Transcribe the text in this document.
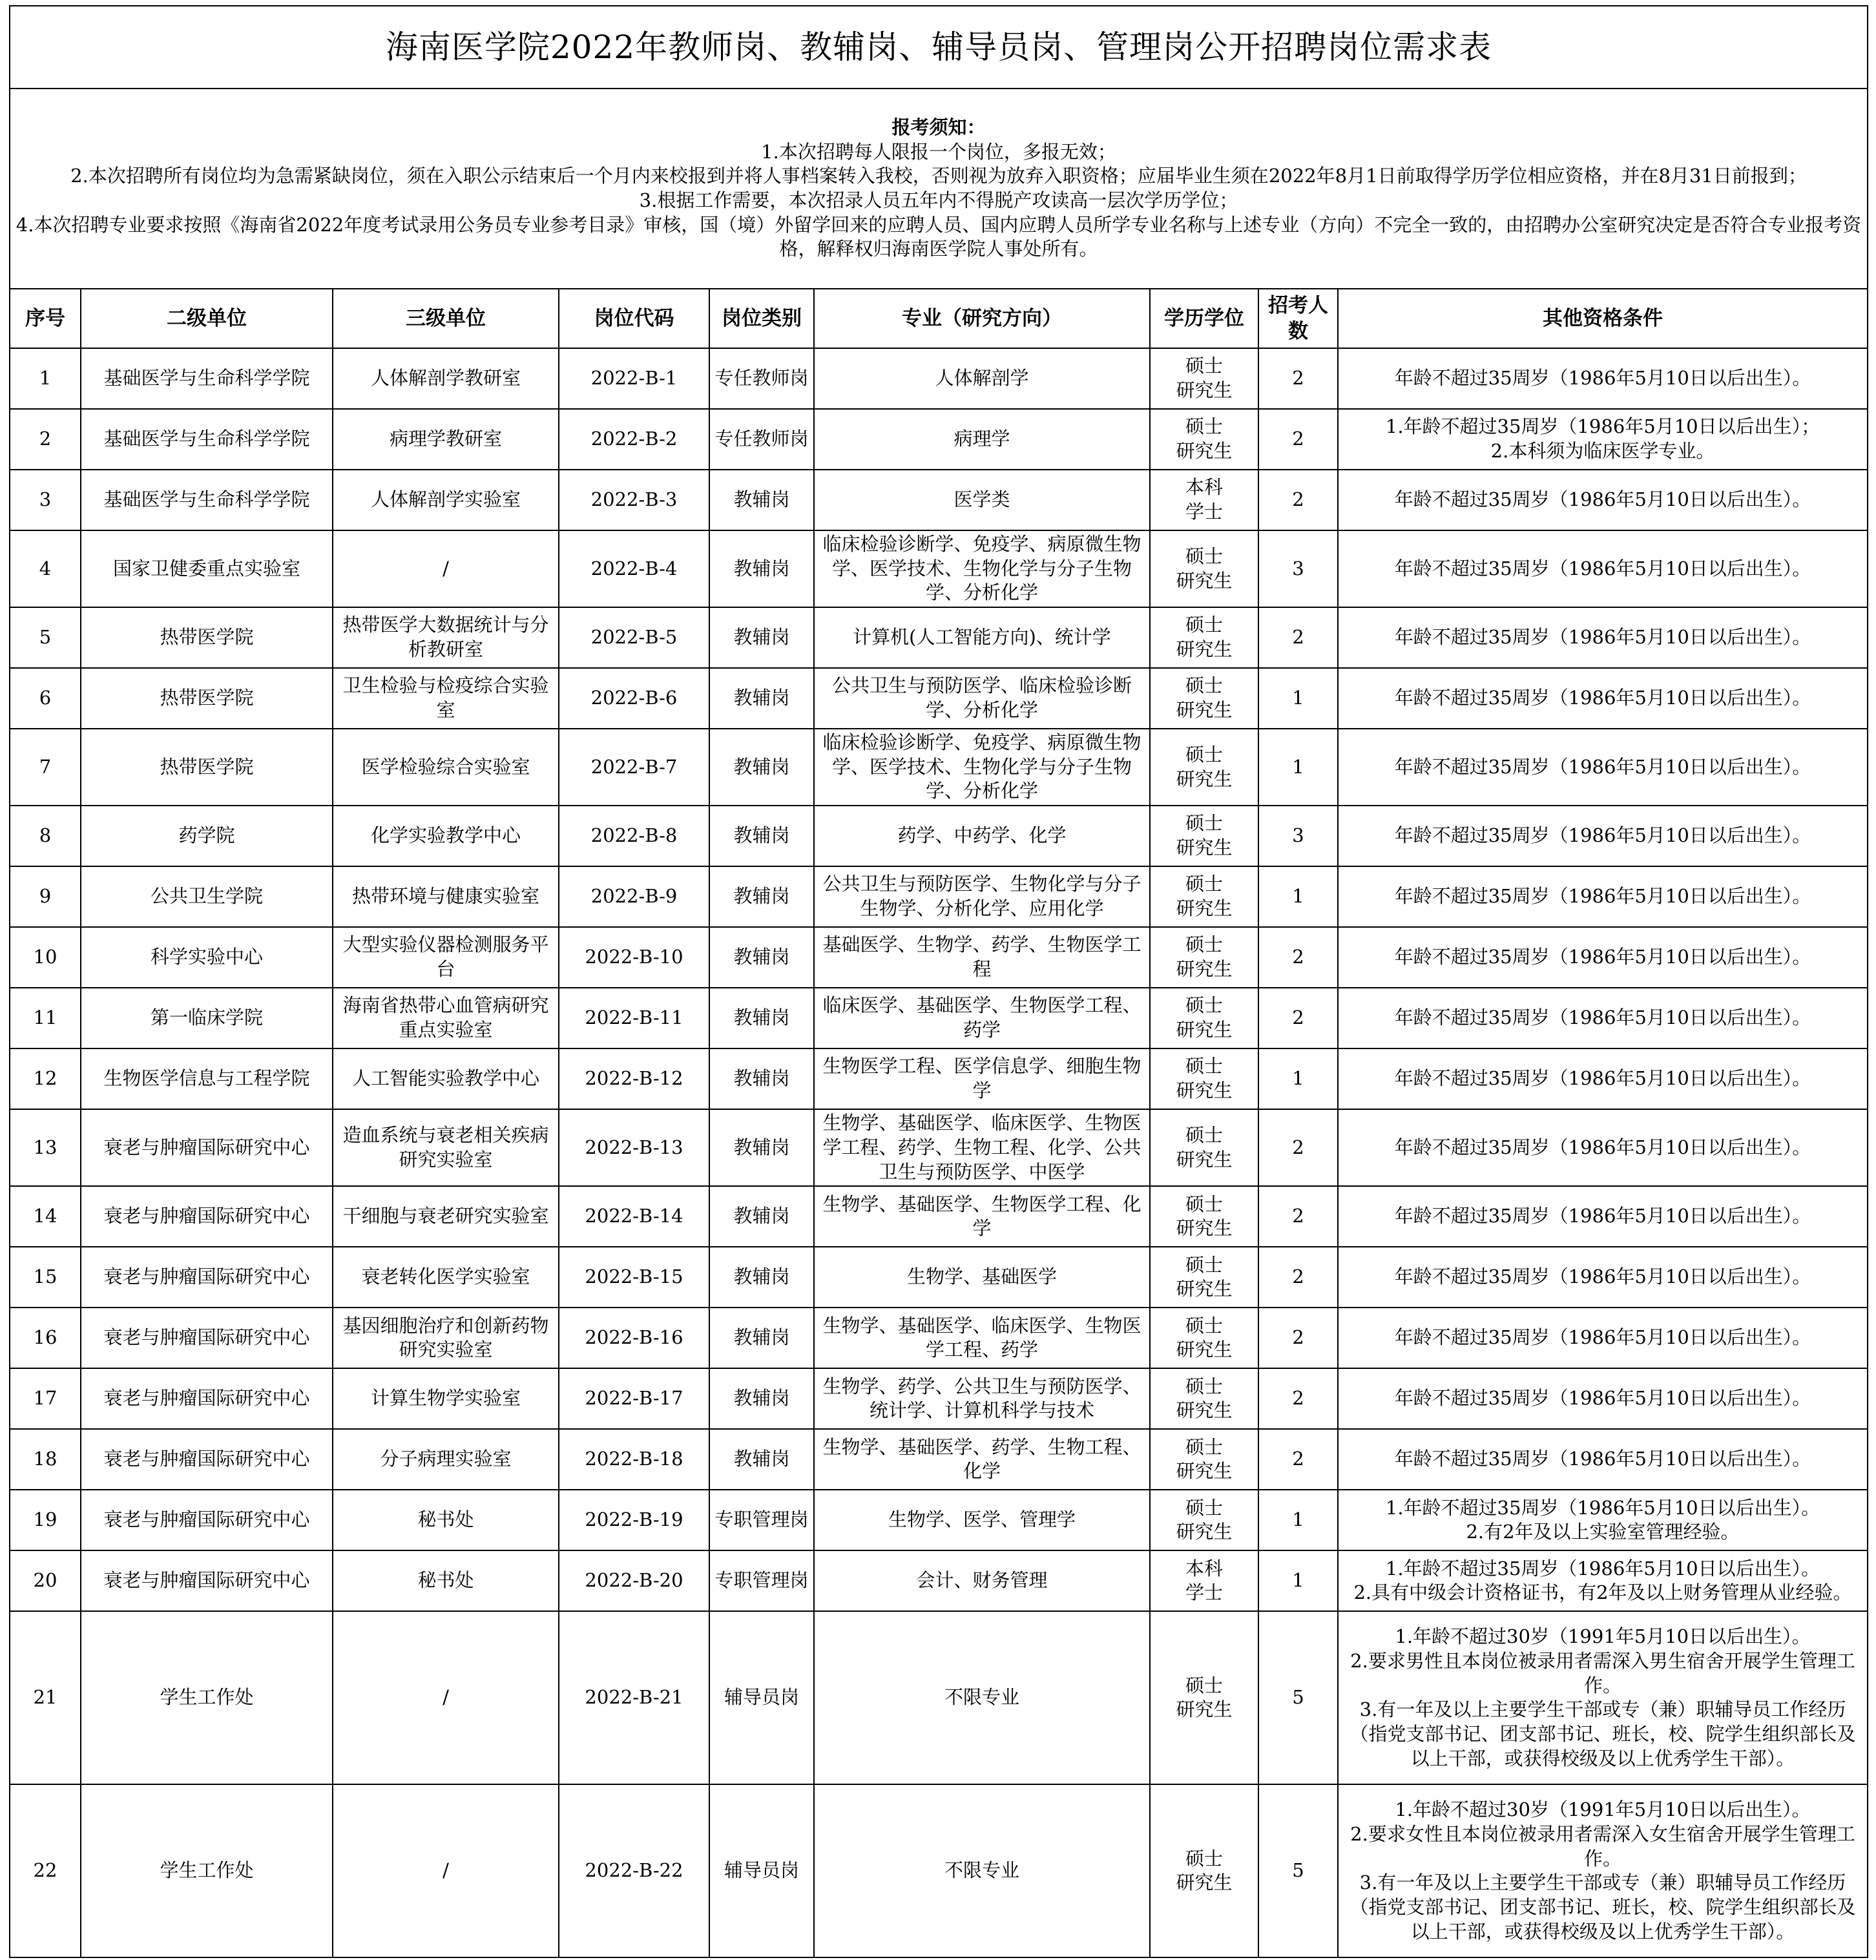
海南医学院2022年教师岗、教辅岗、辅导员岗、管理岗公开招聘岗位需求表								

报考须知：
1.本次招聘每人限报一个岗位，多报无效；
2.本次招聘所有岗位均为急需紧缺岗位，须在入职公示结束后一个月内来校报到并将人事档案转入我校，否则视为放弃入职资格；应届毕业生须在2022年8月1日前取得学历学位相应资格，并在8月31日前报到；
3.根据工作需要，本次招录人员五年内不得脱产攻读高一层次学历学位；
4.本次招聘专业要求按照《海南省2022年度考试录用公务员专业参考目录》审核，国（境）外留学回来的应聘人员、国内应聘人员所学专业名称与上述专业（方向）不完全一致的，由招聘办公室研究决定是否符合专业报考资格，解释权归海南医学院人事处所有。								

序号	二级单位	三级单位	岗位代码	岗位类别	专业（研究方向）	学历学位	招考人数	其他资格条件
1	基础医学与生命科学学院	人体解剖学教研室	2022-B-1	专任教师岗	人体解剖学	硕士
研究生	2	年龄不超过35周岁（1986年5月10日以后出生）。

2	基础医学与生命科学学院	病理学教研室	2022-B-2	专任教师岗	病理学	硕士
研究生	2	1.年龄不超过35周岁（1986年5月10日以后出生）；
2.本科须为临床医学专业。

3	基础医学与生命科学学院	人体解剖学实验室	2022-B-3	教辅岗	医学类	本科
学士	2	年龄不超过35周岁（1986年5月10日以后出生）。

4	国家卫健委重点实验室	/	2022-B-4	教辅岗	临床检验诊断学、免疫学、病原微生物学、医学技术、生物化学与分子生物学、分析化学	硕士
研究生	3	年龄不超过35周岁（1986年5月10日以后出生）。

5	热带医学院	热带医学大数据统计与分析教研室	2022-B-5	教辅岗	计算机(人工智能方向)、统计学	硕士
研究生	2	年龄不超过35周岁（1986年5月10日以后出生）。

6	热带医学院	卫生检验与检疫综合实验室	2022-B-6	教辅岗	公共卫生与预防医学、临床检验诊断学、分析化学	硕士
研究生	1	年龄不超过35周岁（1986年5月10日以后出生）。

7	热带医学院	医学检验综合实验室	2022-B-7	教辅岗	临床检验诊断学、免疫学、病原微生物学、医学技术、生物化学与分子生物学、分析化学	硕士
研究生	1	年龄不超过35周岁（1986年5月10日以后出生）。

8	药学院	化学实验教学中心	2022-B-8	教辅岗	药学、中药学、化学	硕士
研究生	3	年龄不超过35周岁（1986年5月10日以后出生）。

9	公共卫生学院	热带环境与健康实验室	2022-B-9	教辅岗	公共卫生与预防医学、生物化学与分子生物学、分析化学、应用化学	硕士
研究生	1	年龄不超过35周岁（1986年5月10日以后出生）。

10	科学实验中心	大型实验仪器检测服务平台	2022-B-10	教辅岗	基础医学、生物学、药学、生物医学工程	硕士
研究生	2	年龄不超过35周岁（1986年5月10日以后出生）。

11	第一临床学院	海南省热带心血管病研究重点实验室	2022-B-11	教辅岗	临床医学、基础医学、生物医学工程、药学	硕士
研究生	2	年龄不超过35周岁（1986年5月10日以后出生）。

12	生物医学信息与工程学院	人工智能实验教学中心	2022-B-12	教辅岗	生物医学工程、医学信息学、细胞生物学	硕士
研究生	1	年龄不超过35周岁（1986年5月10日以后出生）。

13	衰老与肿瘤国际研究中心	造血系统与衰老相关疾病研究实验室	2022-B-13	教辅岗	生物学、基础医学、临床医学、生物医学工程、药学、生物工程、化学、公共卫生与预防医学、中医学	硕士
研究生	2	年龄不超过35周岁（1986年5月10日以后出生）。

14	衰老与肿瘤国际研究中心	干细胞与衰老研究实验室	2022-B-14	教辅岗	生物学、基础医学、生物医学工程、化学	硕士
研究生	2	年龄不超过35周岁（1986年5月10日以后出生）。

15	衰老与肿瘤国际研究中心	衰老转化医学实验室	2022-B-15	教辅岗	生物学、基础医学	硕士
研究生	2	年龄不超过35周岁（1986年5月10日以后出生）。

16	衰老与肿瘤国际研究中心	基因细胞治疗和创新药物研究实验室	2022-B-16	教辅岗	生物学、基础医学、临床医学、生物医学工程、药学	硕士
研究生	2	年龄不超过35周岁（1986年5月10日以后出生）。

17	衰老与肿瘤国际研究中心	计算生物学实验室	2022-B-17	教辅岗	生物学、药学、公共卫生与预防医学、统计学、计算机科学与技术	硕士
研究生	2	年龄不超过35周岁（1986年5月10日以后出生）。

18	衰老与肿瘤国际研究中心	分子病理实验室	2022-B-18	教辅岗	生物学、基础医学、药学、生物工程、化学	硕士
研究生	2	年龄不超过35周岁（1986年5月10日以后出生）。

19	衰老与肿瘤国际研究中心	秘书处	2022-B-19	专职管理岗	生物学、医学、管理学	硕士
研究生	1	1.年龄不超过35周岁（1986年5月10日以后出生）。
2.有2年及以上实验室管理经验。

20	衰老与肿瘤国际研究中心	秘书处	2022-B-20	专职管理岗	会计、财务管理	本科
学士	1	1.年龄不超过35周岁（1986年5月10日以后出生）。
2.具有中级会计资格证书，有2年及以上财务管理从业经验。

21	学生工作处	/	2022-B-21	辅导员岗	不限专业	硕士
研究生	5	1.年龄不超过30岁（1991年5月10日以后出生）。
2.要求男性且本岗位被录用者需深入男生宿舍开展学生管理工作。
3.有一年及以上主要学生干部或专（兼）职辅导员工作经历（指党支部书记、团支部书记、班长，校、院学生组织部长及以上干部，或获得校级及以上优秀学生干部）。

22	学生工作处	/	2022-B-22	辅导员岗	不限专业	硕士
研究生	5	1.年龄不超过30岁（1991年5月10日以后出生）。
2.要求女性且本岗位被录用者需深入女生宿舍开展学生管理工作。
3.有一年及以上主要学生干部或专（兼）职辅导员工作经历（指党支部书记、团支部书记、班长，校、院学生组织部长及以上干部，或获得校级及以上优秀学生干部）。
